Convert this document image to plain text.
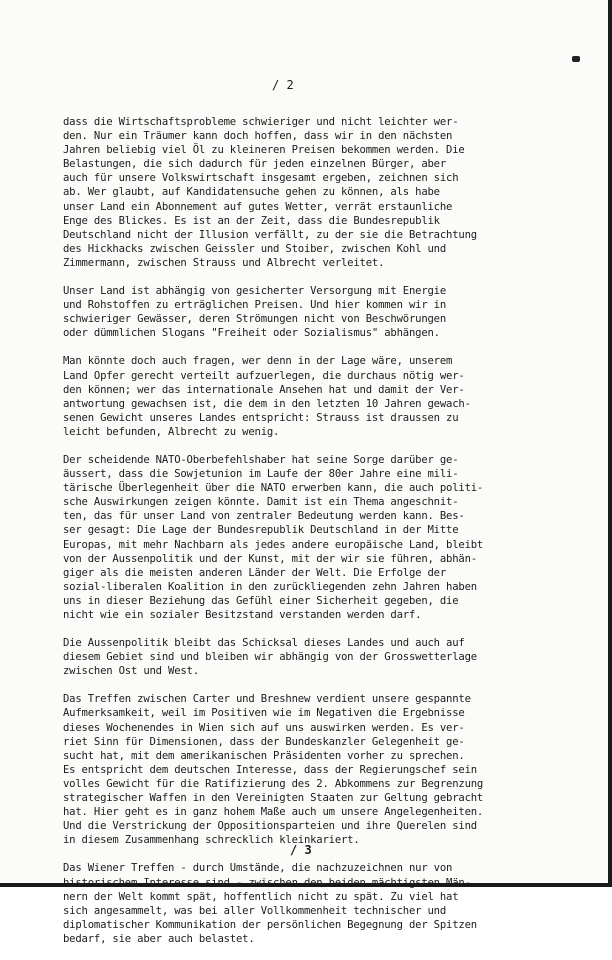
/ 2
dass die Wirtschaftsprobleme schwieriger und nicht leichter wer-
den. Nur ein Träumer kann doch hoffen, dass wir in den nächsten
Jahren beliebig viel Öl zu kleineren Preisen bekommen werden. Die
Belastungen, die sich dadurch für jeden einzelnen Bürger, aber
auch für unsere Volkswirtschaft insgesamt ergeben, zeichnen sich
ab. Wer glaubt, auf Kandidatensuche gehen zu können, als habe
unser Land ein Abonnement auf gutes Wetter, verrät erstaunliche
Enge des Blickes. Es ist an der Zeit, dass die Bundesrepublik
Deutschland nicht der Illusion verfällt, zu der sie die Betrachtung
des Hickhacks zwischen Geissler und Stoiber, zwischen Kohl und
Zimmermann, zwischen Strauss und Albrecht verleitet.
Unser Land ist abhängig von gesicherter Versorgung mit Energie
und Rohstoffen zu erträglichen Preisen. Und hier kommen wir in
schwieriger Gewässer, deren Strömungen nicht von Beschwörungen
oder dümmlichen Slogans "Freiheit oder Sozialismus" abhängen.
Man könnte doch auch fragen, wer denn in der Lage wäre, unserem
Land Opfer gerecht verteilt aufzuerlegen, die durchaus nötig wer-
den können; wer das internationale Ansehen hat und damit der Ver-
antwortung gewachsen ist, die dem in den letzten 10 Jahren gewach-
senen Gewicht unseres Landes entspricht: Strauss ist draussen zu
leicht befunden, Albrecht zu wenig.
Der scheidende NATO-Oberbefehlshaber hat seine Sorge darüber ge-
äussert, dass die Sowjetunion im Laufe der 80er Jahre eine mili-
tärische Überlegenheit über die NATO erwerben kann, die auch politi-
sche Auswirkungen zeigen könnte. Damit ist ein Thema angeschnit-
ten, das für unser Land von zentraler Bedeutung werden kann. Bes-
ser gesagt: Die Lage der Bundesrepublik Deutschland in der Mitte
Europas, mit mehr Nachbarn als jedes andere europäische Land, bleibt
von der Aussenpolitik und der Kunst, mit der wir sie führen, abhän-
giger als die meisten anderen Länder der Welt. Die Erfolge der
sozial-liberalen Koalition in den zurückliegenden zehn Jahren haben
uns in dieser Beziehung das Gefühl einer Sicherheit gegeben, die
nicht wie ein sozialer Besitzstand verstanden werden darf.
Die Aussenpolitik bleibt das Schicksal dieses Landes und auch auf
diesem Gebiet sind und bleiben wir abhängig von der Grosswetterlage
zwischen Ost und West.
Das Treffen zwischen Carter und Breshnew verdient unsere gespannte
Aufmerksamkeit, weil im Positiven wie im Negativen die Ergebnisse
dieses Wochenendes in Wien sich auf uns auswirken werden. Es ver-
riet Sinn für Dimensionen, dass der Bundeskanzler Gelegenheit ge-
sucht hat, mit dem amerikanischen Präsidenten vorher zu sprechen.
Es entspricht dem deutschen Interesse, dass der Regierungschef sein
volles Gewicht für die Ratifizierung des 2. Abkommens zur Begrenzung
strategischer Waffen in den Vereinigten Staaten zur Geltung gebracht
hat. Hier geht es in ganz hohem Maße auch um unsere Angelegenheiten.
Und die Verstrickung der Oppositionsparteien und ihre Querelen sind
in diesem Zusammenhang schrecklich kleinkariert.
Das Wiener Treffen - durch Umstände, die nachzuzeichnen nur von
historischem Interesse sind - zwischen den beiden mächtigsten Män-
nern der Welt kommt spät, hoffentlich nicht zu spät. Zu viel hat
sich angesammelt, was bei aller Vollkommenheit technischer und
diplomatischer Kommunikation der persönlichen Begegnung der Spitzen
bedarf, sie aber auch belastet.
/ 3
